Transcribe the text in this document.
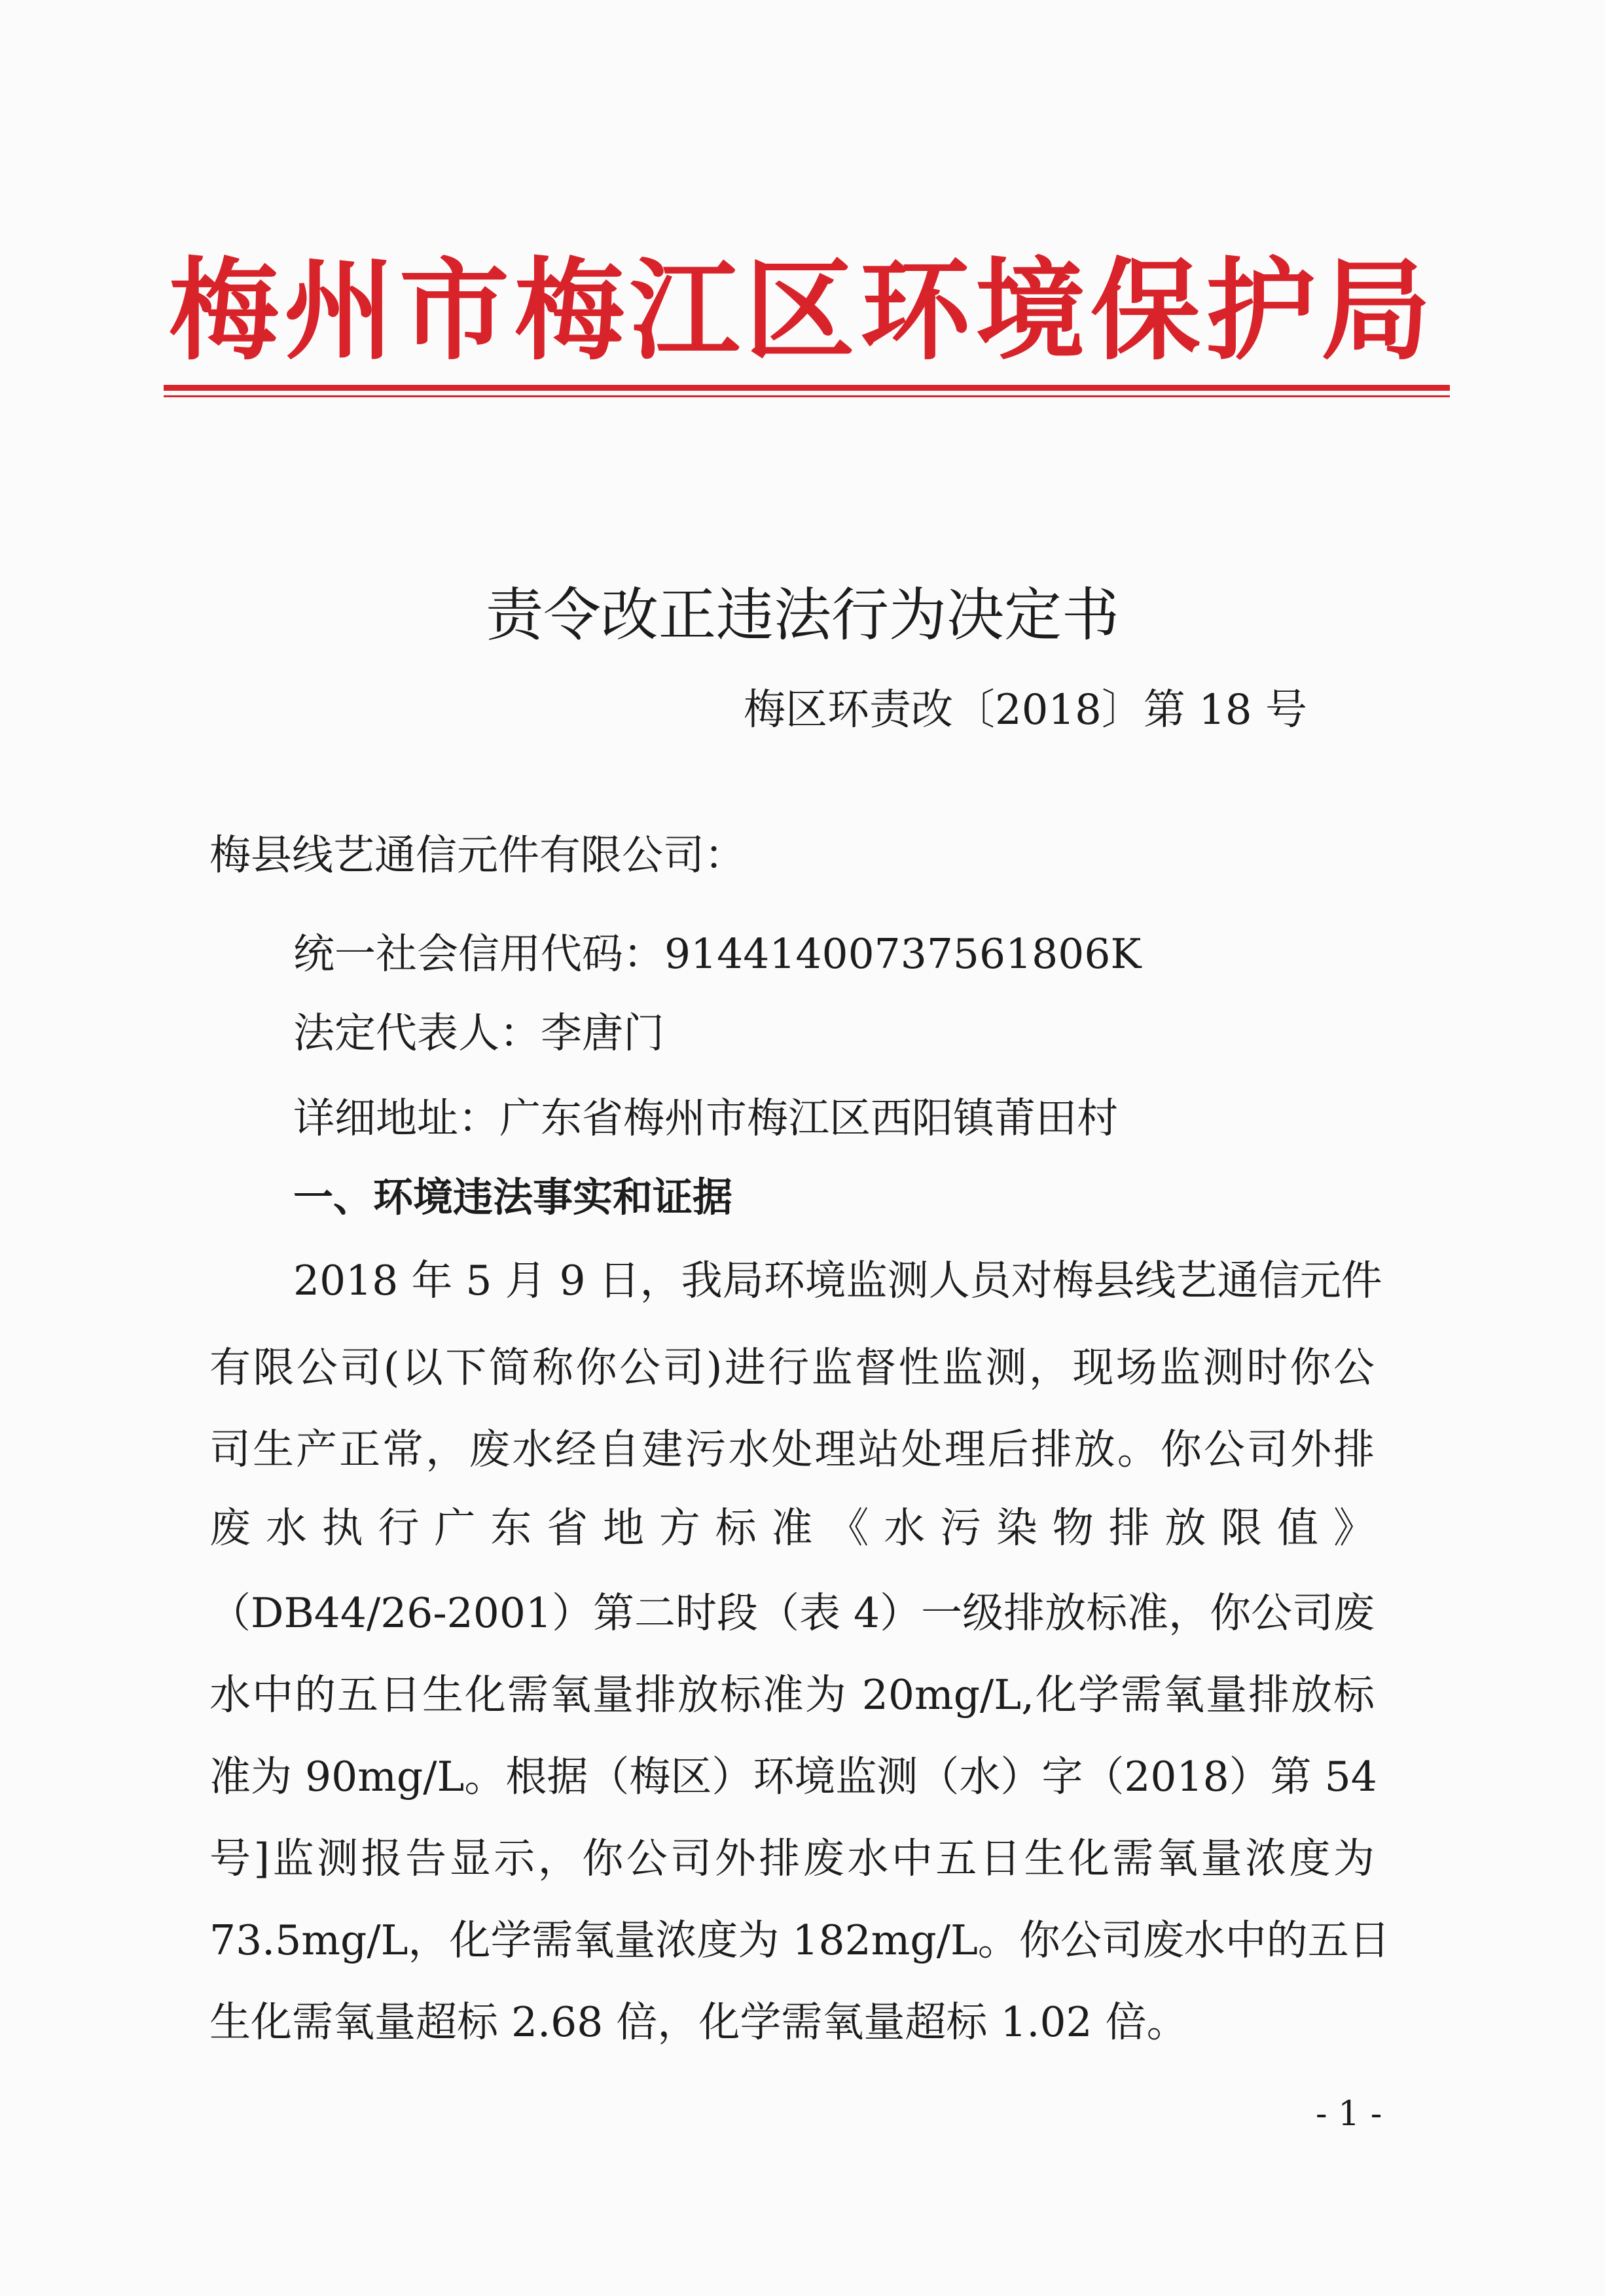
梅州市梅江区环境保护局
责令改正违法行为决定书
梅区环责改〔2018〕第 18 号
梅县线艺通信元件有限公司：
统一社会信用代码：91441400737561806K
法定代表人：李唐门
详细地址：广东省梅州市梅江区西阳镇莆田村
一、环境违法事实和证据
2018 年 5 月 9 日，我局环境监测人员对梅县线艺通信元件
有限公司(以下简称你公司)进行监督性监测，现场监测时你公
司生产正常，废水经自建污水处理站处理后排放。你公司外排
废水执行广东省地方标准《水污染物排放限值》
（DB44/26-2001）第二时段（表 4）一级排放标准，你公司废
水中的五日生化需氧量排放标准为 20mg/L,化学需氧量排放标
准为 90mg/L。根据（梅区）环境监测（水）字（2018）第 54
号]监测报告显示，你公司外排废水中五日生化需氧量浓度为
73.5mg/L，化学需氧量浓度为 182mg/L。你公司废水中的五日
生化需氧量超标 2.68 倍，化学需氧量超标 1.02 倍。
- 1 -
